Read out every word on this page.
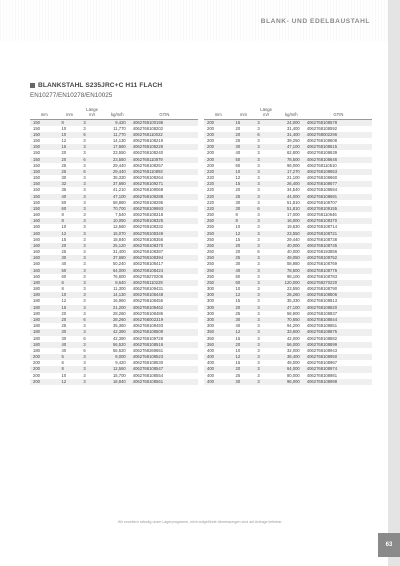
BLANK- UND EDELBAUSTAHL
BLANKSTAHL S235JRC+C H11 FLACH
EN10277/EN10278/EN10025
mm	mm	Länge
m/r	kg/m/h	GTIN
150	8	3	9,420	4062768100196
150	10	3	11,770	4062768108202
150	10	6	11,770	4062768110022
150	12	3	14,130	4062768108219
150	15	3	17,660	4062768108226
150	20	3	23,550	4062768108240
150	20	6	23,550	4062768110879
150	25	3	29,440	4062768108257
150	25	6	29,440	4062768110893
150	30	3	35,330	4062768108264
150	32	3	37,680	4062768109271
150	35	3	41,210	4062768109068
150	40	3	47,100	4062768108288
150	50	3	58,880	4062768108295
150	60	3	70,700	4062768109993
160	8	3	7,540	4062768108318
160	8	3	10,050	4062768108325
160	10	3	12,560	4062768108332
160	12	3	15,070	4062768108349
160	15	3	18,840	4062768108356
160	20	3	25,120	4062768108370
160	25	3	31,400	4062768108387
160	30	3	37,680	4062768108394
160	40	3	50,240	4062768108417
160	50	3	64,000	4062768108424
160	60	3	76,600	4062768270206
180	6	3	8,640	4062768110229
180	8	3	11,300	4062768109431
180	10	3	14,130	4062768108448
180	12	3	16,960	4062768108455
180	15	3	21,200	4062768108462
180	20	3	28,260	4062768108486
180	20	6	28,260	4062768002319
180	25	3	35,360	4062768108493
180	30	3	42,390	4062768108509
180	30	6	42,390	4062768109728
180	40	3	56,520	4062768108516
180	40	6	56,520	4062768269651
200	5	3	8,000	4062768108523
200	6	3	9,420	4062768108530
200	8	3	12,560	4062768108547
200	10	3	15,700	4062768108554
200	12	3	18,840	4062768108561
mm	mm	Länge
m/r	kg/m/h	GTIN
200	15	3	24,000	4062768108578
200	20	3	31,400	4062768108592
200	20	6	31,400	4062768002296
200	25	3	39,250	4062768108608
200	30	3	47,100	4062768108615
200	40	3	62,800	4062768108639
200	50	3	78,500	4062768108646
200	60	3	96,000	4062768110510
220	10	3	17,270	4062768108653
220	12	3	21,100	4062768108660
220	15	3	26,400	4062768108677
220	20	3	34,540	4062768108684
220	25	3	44,000	4062768108691
220	30	3	51,810	4062768108707
220	30	6	51,810	4062768109155
250	8	3	17,000	4062768110646
250	8	3	16,000	4062768108370
250	10	3	19,630	4062768108714
250	12	3	23,550	4062768108721
250	15	3	29,440	4062768108738
250	20	3	40,000	4062768108745
250	20	6	40,000	4062768193856
250	25	3	49,050	4062768108752
250	30	3	58,880	4062768108769
250	40	3	78,500	4062768108776
250	50	3	98,100	4062768108783
250	60	3	120,000	4062768270220
300	10	3	23,550	4062768108790
300	12	3	28,260	4062768108806
300	15	3	35,330	4062768108813
300	20	3	47,100	4062768108820
300	25	3	58,900	4062768108837
300	30	3	70,650	4062768108844
300	40	3	94,200	4062768108851
350	12	3	33,600	4062768108875
350	15	3	42,000	4062768108882
350	20	3	56,000	4062768108899
400	10	3	32,000	4062768108943
400	12	3	38,400	4062768108950
400	15	3	48,000	4062768108967
400	20	3	64,000	4062768108974
400	25	3	80,000	4062768108981
400	30	3	96,000	4062768108998
Wir erweitern ständig unser Lagerprogramm, nicht aufgeführte Abmessungen sind auf Anfrage lieferbar.
63
